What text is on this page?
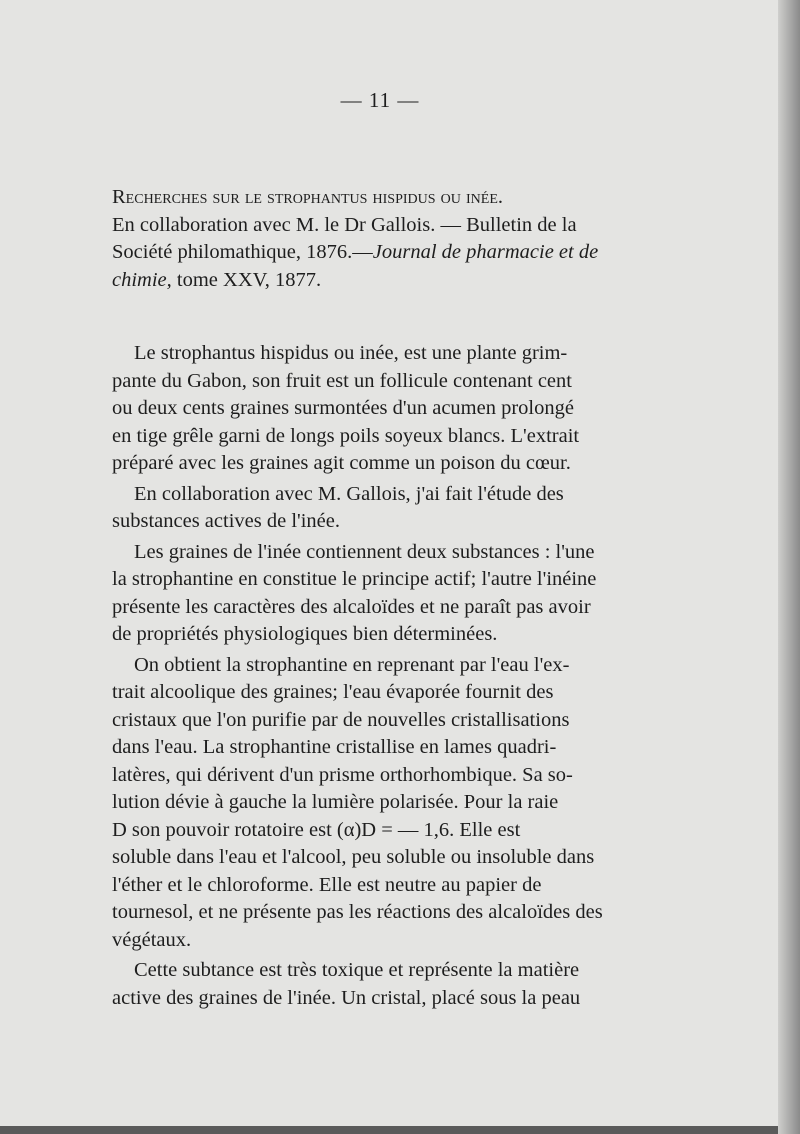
— 11 —
Recherches sur le strophantus hispidus ou inée.
En collaboration avec M. le Dr Gallois. — Bulletin de la
Société philomathique, 1876.—Journal de pharmacie et de
chimie, tome XXV, 1877.
Le strophantus hispidus ou inée, est une plante grim-
pante du Gabon, son fruit est un follicule contenant cent
ou deux cents graines surmontées d'un acumen prolongé
en tige grêle garni de longs poils soyeux blancs. L'extrait
préparé avec les graines agit comme un poison du cœur.
En collaboration avec M. Gallois, j'ai fait l'étude des
substances actives de l'inée.
Les graines de l'inée contiennent deux substances : l'une
la strophantine en constitue le principe actif; l'autre l'inéine
présente les caractères des alcaloïdes et ne paraît pas avoir
de propriétés physiologiques bien déterminées.
On obtient la strophantine en reprenant par l'eau l'ex-
trait alcoolique des graines; l'eau évaporée fournit des
cristaux que l'on purifie par de nouvelles cristallisations
dans l'eau. La strophantine cristallise en lames quadri-
latères, qui dérivent d'un prisme orthorhombique. Sa so-
lution dévie à gauche la lumière polarisée. Pour la raie
D son pouvoir rotatoire est (α)D = — 1,6. Elle est
soluble dans l'eau et l'alcool, peu soluble ou insoluble dans
l'éther et le chloroforme. Elle est neutre au papier de
tournesol, et ne présente pas les réactions des alcaloïdes des
végétaux.
Cette subtance est très toxique et représente la matière
active des graines de l'inée. Un cristal, placé sous la peau
